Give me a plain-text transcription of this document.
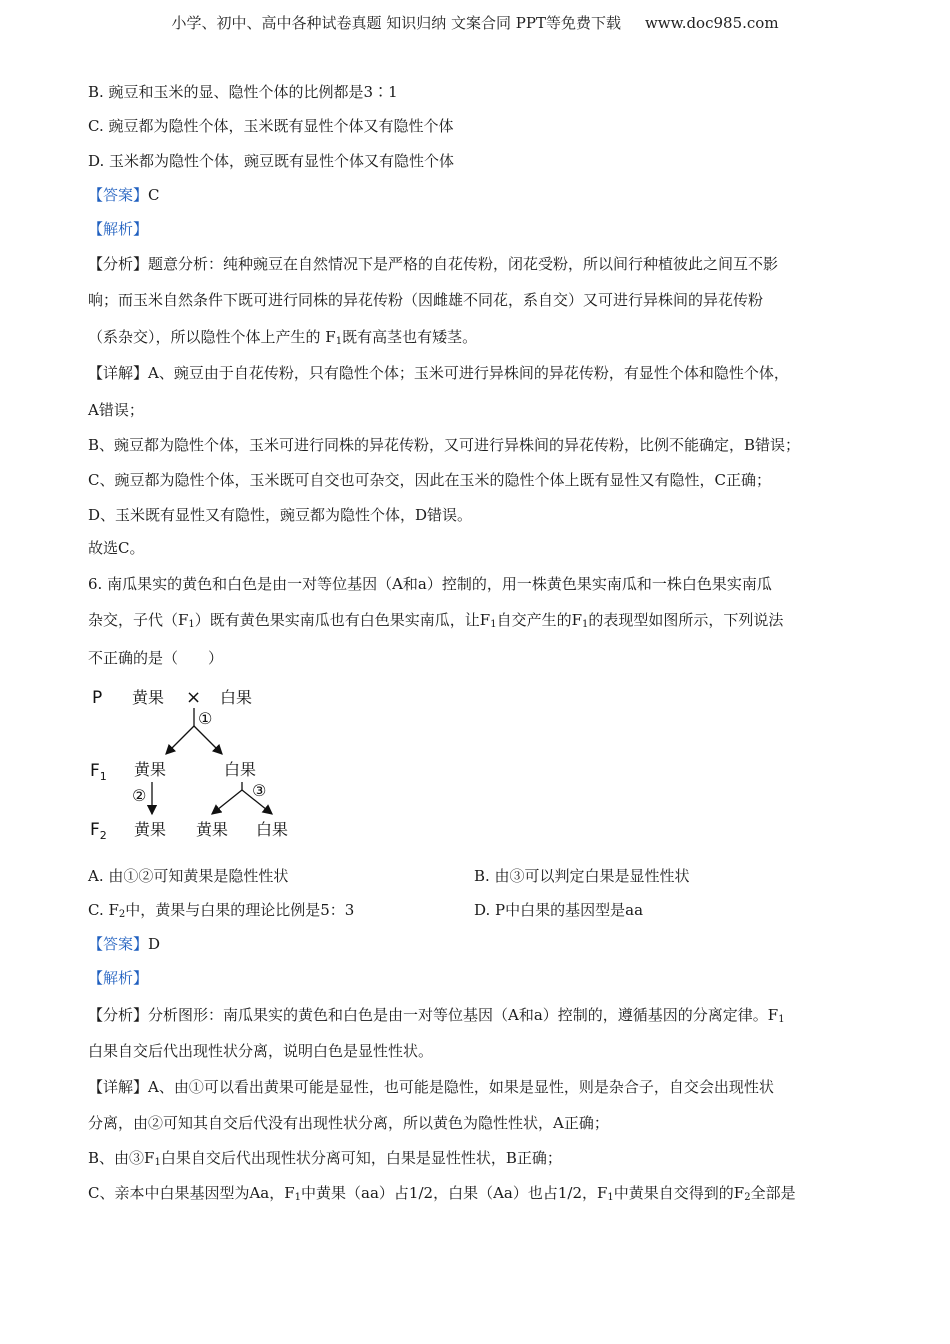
小学、初中、高中各种试卷真题 知识归纳 文案合同 PPT等免费下载 www.doc985.com
B. 豌豆和玉米的显、隐性个体的比例都是3∶1
C. 豌豆都为隐性个体，玉米既有显性个体又有隐性个体
D. 玉米都为隐性个体，豌豆既有显性个体又有隐性个体
【答案】C
【解析】
【分析】题意分析：纯种豌豆在自然情况下是严格的自花传粉，闭花受粉，所以间行种植彼此之间互不影
响；而玉米自然条件下既可进行同株的异花传粉（因雌雄不同花，系自交）又可进行异株间的异花传粉
（系杂交），所以隐性个体上产生的 $F_1$既有高茎也有矮茎。
【详解】A、豌豆由于自花传粉，只有隐性个体；玉米可进行异株间的异花传粉，有显性个体和隐性个体，
A错误；
B、豌豆都为隐性个体，玉米可进行同株的异花传粉，又可进行异株间的异花传粉，比例不能确定，B错误；
C、豌豆都为隐性个体，玉米既可自交也可杂交，因此在玉米的隐性个体上既有显性又有隐性，C正确；
D、玉米既有显性又有隐性，豌豆都为隐性个体，D错误。
故选C。
6. 南瓜果实的黄色和白色是由一对等位基因（A和a）控制的，用一株黄色果实南瓜和一株白色果实南瓜
杂交，子代$(F_1)$既有黄色果实南瓜也有白色果实南瓜，让$F_1$自交产生的$F_1$的表现型如图所示，下列说法
不正确的是（　　）
P 黄果 × 白果
①
$F_1$ 黄果	白果
②	③
$F_2$ 黄果 黄果 白果
A. 由①②可知黄果是隐性性状	B. 由③可以判定白果是显性性状
C. $F_2$中，黄果与白果的理论比例是5：3	D. P中白果的基因型是aa
【答案】D
【解析】
【分析】分析图形：南瓜果实的黄色和白色是由一对等位基因（A和a）控制的，遵循基因的分离定律。$F_1$
白果自交后代出现性状分离，说明白色是显性性状。
【详解】A、由①可以看出黄果可能是显性，也可能是隐性，如果是显性，则是杂合子，自交会出现性状
分离，由②可知其自交后代没有出现性状分离，所以黄色为隐性性状，A正确；
B、由$③F_1$白果自交后代出现性状分离可知，白果是显性性状，B正确；
C、亲本中白果基因型为Aa，$F_1$中黄果（aa）占1/2，白果（Aa）也占1/2，$F_1$中黄果自交得到的$F_2$全部是
